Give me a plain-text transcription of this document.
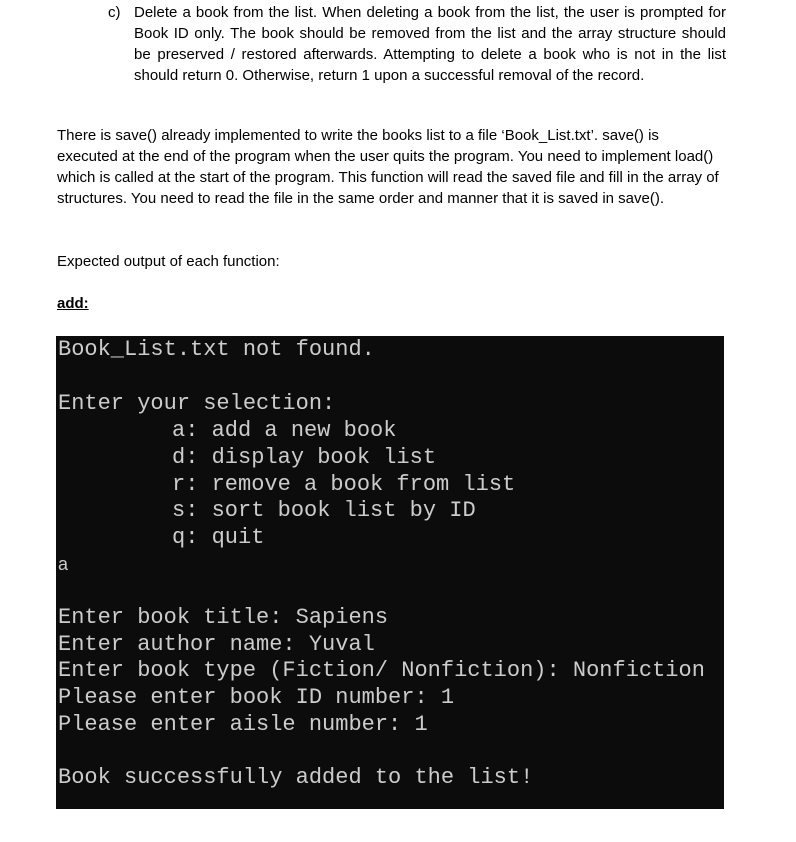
c) Delete a book from the list. When deleting a book from the list, the user is prompted for Book ID only. The book should be removed from the list and the array structure should be preserved / restored afterwards. Attempting to delete a book who is not in the list should return 0. Otherwise, return 1 upon a successful removal of the record.
There is save() already implemented to write the books list to a file ‘Book_List.txt’. save() is executed at the end of the program when the user quits the program. You need to implement load() which is called at the start of the program. This function will read the saved file and fill in the array of structures. You need to read the file in the same order and manner that it is saved in save().
Expected output of each function:
add:
Book_List.txt not found.
Enter your selection:
a: add a new book
d: display book list
r: remove a book from list
s: sort book list by ID
q: quit
a
Enter book title: Sapiens
Enter author name: Yuval
Enter book type (Fiction/ Nonfiction): Nonfiction
Please enter book ID number: 1
Please enter aisle number: 1
Book successfully added to the list!
